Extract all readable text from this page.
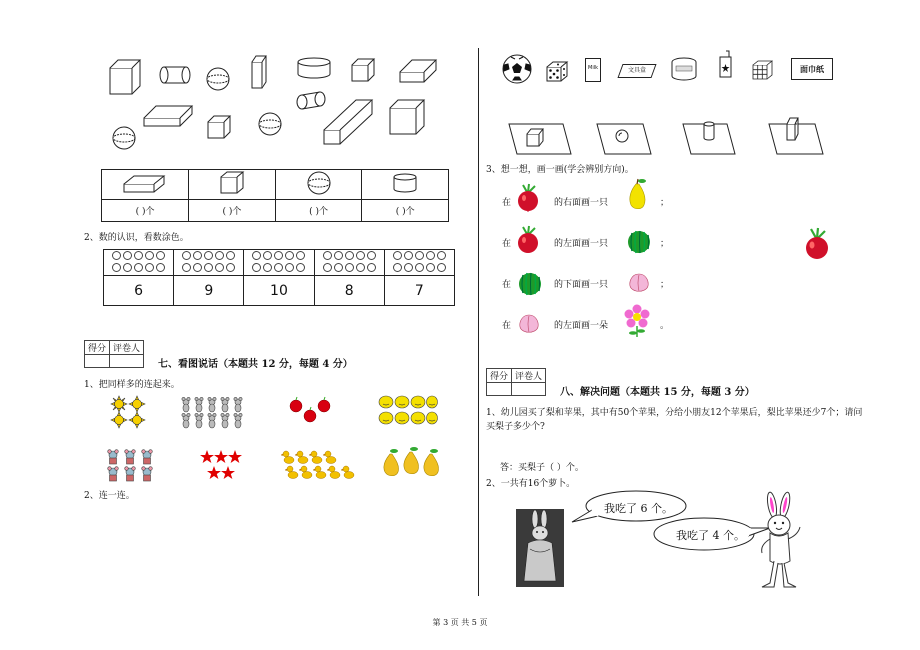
( )个	( )个	( )个	( )个
2、数的认识，看数涂色。

6	9	10	8	7
得分	评卷人

七、看图说话（本题共 12 分，每题 4 分）
1、把同样多的连起来。
2、连一连。
Milk	文具盒	面巾纸
3、想一想，画一画(学会辨别方向)。
在	的右面画一只	；
在	的左面画一只	；
在	的下面画一只	；
在	的左面画一朵	。
得分	评卷人

八、解决问题（本题共 15 分，每题 3 分）
1、幼儿园买了梨和苹果，其中有50个苹果，分给小朋友12个苹果后，梨比苹果还少7个；请问
买梨子多少个?
答：买梨子（ ）个。
2、一共有16个萝卜。
我吃了 6 个。
我吃了 4 个。
第 3 页 共 5 页
